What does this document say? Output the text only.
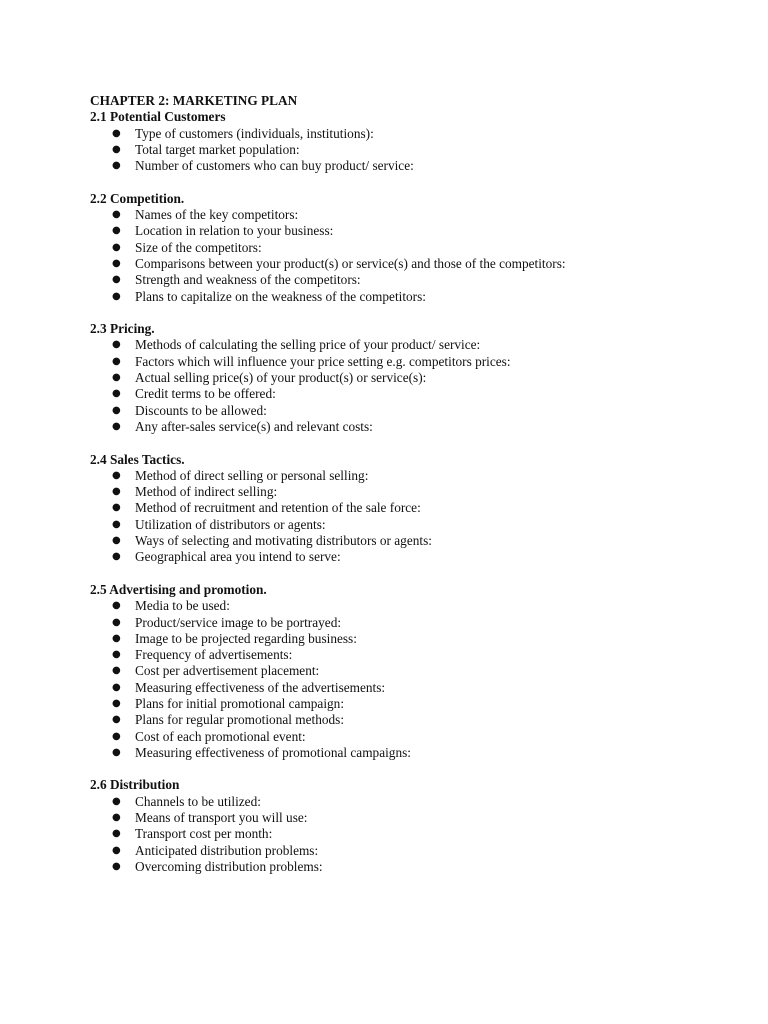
CHAPTER 2: MARKETING PLAN
2.1 Potential Customers
● Type of customers (individuals, institutions):
● Total target market population:
● Number of customers who can buy product/ service:
2.2 Competition.
● Names of the key competitors:
● Location in relation to your business:
● Size of the competitors:
● Comparisons between your product(s) or service(s) and those of the competitors:
● Strength and weakness of the competitors:
● Plans to capitalize on the weakness of the competitors:
2.3 Pricing.
● Methods of calculating the selling price of your product/ service:
● Factors which will influence your price setting e.g. competitors prices:
● Actual selling price(s) of your product(s) or service(s):
● Credit terms to be offered:
● Discounts to be allowed:
● Any after-sales service(s) and relevant costs:
2.4 Sales Tactics.
● Method of direct selling or personal selling:
● Method of indirect selling:
● Method of recruitment and retention of the sale force:
● Utilization of distributors or agents:
● Ways of selecting and motivating distributors or agents:
● Geographical area you intend to serve:
2.5 Advertising and promotion.
● Media to be used:
● Product/service image to be portrayed:
● Image to be projected regarding business:
● Frequency of advertisements:
● Cost per advertisement placement:
● Measuring effectiveness of the advertisements:
● Plans for initial promotional campaign:
● Plans for regular promotional methods:
● Cost of each promotional event:
● Measuring effectiveness of promotional campaigns:
2.6 Distribution
● Channels to be utilized:
● Means of transport you will use:
● Transport cost per month:
● Anticipated distribution problems:
● Overcoming distribution problems:
